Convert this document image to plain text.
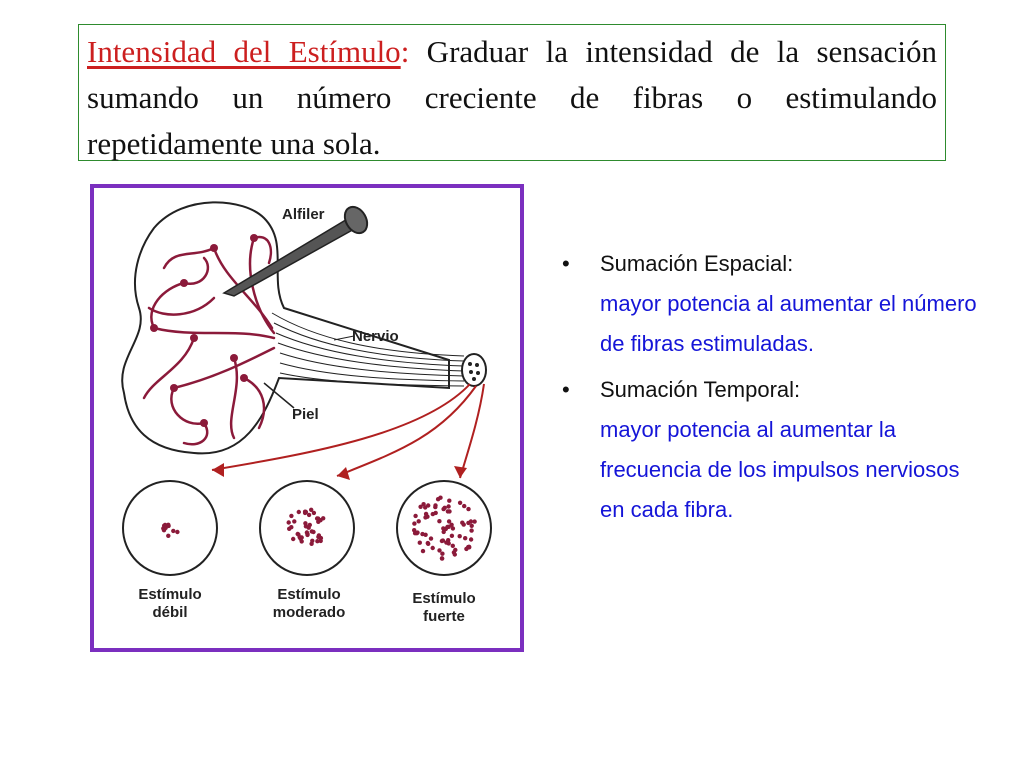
Intensidad del Estímulo: Graduar la intensidad de la sensación sumando un número creciente de fibras o estimulando repetidamente una sola.
Alfiler
Nervio
Piel
Estímulo
débil
Estímulo
moderado
Estímulo
fuerte
• Sumación Espacial:
mayor potencia al aumentar el número de fibras estimuladas.
• Sumación Temporal:
mayor potencia al aumentar la frecuencia de los impulsos nerviosos en cada fibra.
